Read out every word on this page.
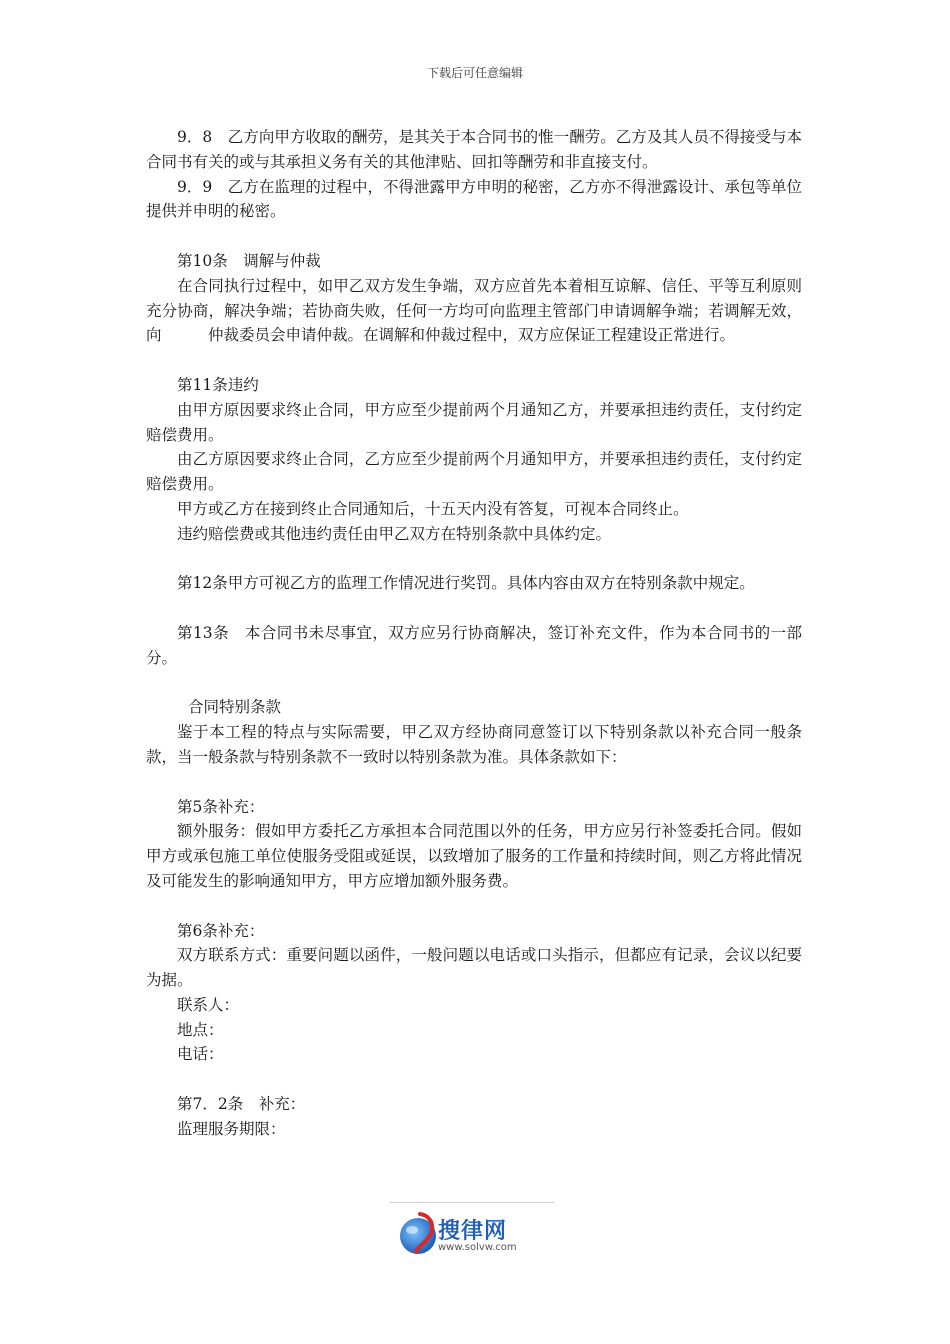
下载后可任意编辑

9．8　乙方向甲方收取的酬劳，是其关于本合同书的惟一酬劳。乙方及其人员不得接受与本合同书有关的或与其承担义务有关的其他津贴、回扣等酬劳和非直接支付。

9．9　乙方在监理的过程中，不得泄露甲方申明的秘密，乙方亦不得泄露设计、承包等单位提供并申明的秘密。

第10条　调解与仲裁

在合同执行过程中，如甲乙双方发生争端，双方应首先本着相互谅解、信任、平等互利原则充分协商，解决争端；若协商失败，任何一方均可向监理主管部门申请调解争端；若调解无效，向　　　仲裁委员会申请仲裁。在调解和仲裁过程中，双方应保证工程建设正常进行。

第11条违约

由甲方原因要求终止合同，甲方应至少提前两个月通知乙方，并要承担违约责任，支付约定赔偿费用。

由乙方原因要求终止合同，乙方应至少提前两个月通知甲方，并要承担违约责任，支付约定赔偿费用。

甲方或乙方在接到终止合同通知后，十五天内没有答复，可视本合同终止。

违约赔偿费或其他违约责任由甲乙双方在特别条款中具体约定。

第12条甲方可视乙方的监理工作情况进行奖罚。具体内容由双方在特别条款中规定。

第13条　本合同书未尽事宜，双方应另行协商解决，签订补充文件，作为本合同书的一部分。

合同特别条款

鉴于本工程的特点与实际需要，甲乙双方经协商同意签订以下特别条款以补充合同一般条款，当一般条款与特别条款不一致时以特别条款为准。具体条款如下：

第5条补充：

额外服务：假如甲方委托乙方承担本合同范围以外的任务，甲方应另行补签委托合同。假如甲方或承包施工单位使服务受阻或延误，以致增加了服务的工作量和持续时间，则乙方将此情况及可能发生的影响通知甲方，甲方应增加额外服务费。

第6条补充：

双方联系方式：重要问题以函件，一般问题以电话或口头指示，但都应有记录，会议以纪要为据。

联系人：

地点：

电话：

第7．2条　补充：

监理服务期限：

搜律网
www.solvw.com
